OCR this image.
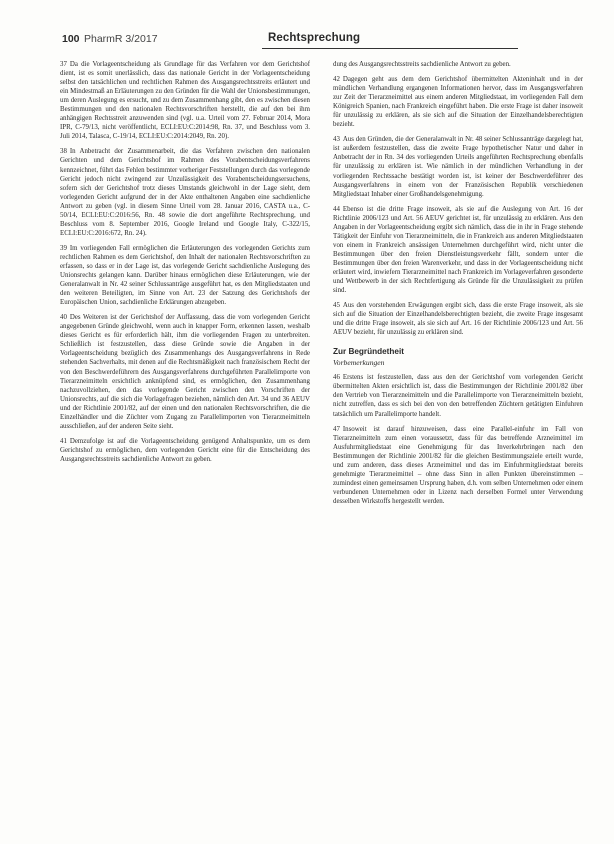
100 PharmR 3/2017	Rechtsprechung

37 Da die Vorlageentscheidung als Grundlage für das Verfahren vor dem Gerichtshof dient, ist es somit unerlässlich, dass das nationale Gericht in der Vorlageentscheidung selbst den tatsächlichen und rechtlichen Rahmen des Ausgangsrechtsstreits erläutert und ein Mindestmaß an Erläuterungen zu den Gründen für die Wahl der Unionsbestimmungen, um deren Auslegung es ersucht, und zu dem Zusammenhang gibt, den es zwischen diesen Bestimmungen und den nationalen Rechtsvorschriften herstellt, die auf den bei ihm anhängigen Rechtsstreit anzuwenden sind (vgl. u.a. Urteil vom 27. Februar 2014, Mora IPR, C-79/13, nicht veröffentlicht, ECLI:EU:C:2014:98, Rn. 37, und Beschluss vom 3. Juli 2014, Talasca, C-19/14, ECLI:EU:C:2014:2049, Rn. 20).

38 In Anbetracht der Zusammenarbeit, die das Verfahren zwischen den nationalen Gerichten und dem Gerichtshof im Rahmen des Vorabentscheidungsverfahrens kennzeichnet, führt das Fehlen bestimmter vorheriger Feststellungen durch das vorlegende Gericht jedoch nicht zwingend zur Unzulässigkeit des Vorabentscheidungsersuchens, sofern sich der Gerichtshof trotz dieses Umstands gleichwohl in der Lage sieht, dem vorlegenden Gericht aufgrund der in der Akte enthaltenen Angaben eine sachdienliche Antwort zu geben (vgl. in diesem Sinne Urteil vom 28. Januar 2016, CASTA u.a., C-50/14, ECLI:EU:C:2016:56, Rn. 48 sowie die dort angeführte Rechtsprechung, und Beschluss vom 8. September 2016, Google Ireland und Google Italy, C-322/15, ECLI:EU:C:2016:672, Rn. 24).

39 Im vorliegenden Fall ermöglichen die Erläuterungen des vorlegenden Gerichts zum rechtlichen Rahmen es dem Gerichtshof, den Inhalt der nationalen Rechtsvorschriften zu erfassen, so dass er in der Lage ist, das vorlegende Gericht sachdienliche Auslegung des Unionsrechts gelangen kann. Darüber hinaus ermöglichen diese Erläuterungen, wie der Generalanwalt in Nr. 42 seiner Schlussanträge ausgeführt hat, es den Mitgliedstaaten und den weiteren Beteiligten, im Sinne von Art. 23 der Satzung des Gerichtshofs der Europäischen Union, sachdienliche Erklärungen abzugeben.

40 Des Weiteren ist der Gerichtshof der Auffassung, dass die vom vorlegenden Gericht angegebenen Gründe gleichwohl, wenn auch in knapper Form, erkennen lassen, weshalb dieses Gericht es für erforderlich hält, ihm die vorliegenden Fragen zu unterbreiten. Schließlich ist festzustellen, dass diese Gründe sowie die Angaben in der Vorlageentscheidung bezüglich des Zusammenhangs des Ausgangsverfahrens in Rede stehenden Sachverhalts, mit denen auf die Rechtsmäßigkeit nach französischem Recht der von den Beschwerdeführern des Ausgangsverfahrens durchgeführten Parallelimporte von Tierarzneimitteln ersichtlich anknüpfend sind, es ermöglichen, den Zusammenhang nachzuvollziehen, den das vorlegende Gericht zwischen den Vorschriften der Unionsrechts, auf die sich die Vorlagefragen beziehen, nämlich den Art. 34 und 36 AEUV und der Richtlinie 2001/82, auf der einen und den nationalen Rechtsvorschriften, die die Einzelhändler und die Züchter vom Zugang zu Parallelimporten von Tierarzneimitteln ausschließen, auf der anderen Seite sieht.

41 Demzufolge ist auf die Vorlageentscheidung genügend Anhaltspunkte, um es dem Gerichtshof zu ermöglichen, dem vorlegenden Gericht eine für die Entscheidung des Ausgangsrechtsstreits sachdienliche Antwort zu geben.

dung des Ausgangsrechtsstreits sachdienliche Antwort zu geben.

42 Dagegen geht aus dem dem Gerichtshof übermittelten Akteninhalt und in der mündlichen Verhandlung ergangenen Informationen hervor, dass im Ausgangsverfahren zur Zeit der Tierarzneimittel aus einem anderen Mitgliedstaat, im vorliegenden Fall dem Königreich Spanien, nach Frankreich eingeführt haben. Die erste Frage ist daher insoweit für unzulässig zu erklären, als sie sich auf die Situation der Einzelhandelsberechtigten bezieht.

43 Aus den Gründen, die der Generalanwalt in Nr. 48 seiner Schlussanträge dargelegt hat, ist außerdem festzustellen, dass die zweite Frage hypothetischer Natur und daher in Anbetracht der in Rn. 34 des vorliegenden Urteils angeführten Rechtsprechung ebenfalls für unzulässig zu erklären ist. Wie nämlich in der mündlichen Verhandlung in der vorliegenden Rechtssache bestätigt worden ist, ist keiner der Beschwerdeführer des Ausgangsverfahrens in einem von der Französischen Republik verschiedenen Mitgliedstaat Inhaber einer Großhandelsgenehmigung.

44 Ebenso ist die dritte Frage insoweit, als sie auf die Auslegung von Art. 16 der Richtlinie 2006/123 und Art. 56 AEUV gerichtet ist, für unzulässig zu erklären. Aus den Angaben in der Vorlageentscheidung ergibt sich nämlich, dass die in ihr in Frage stehende Tätigkeit der Einfuhr von Tierarzneimitteln, die in Frankreich aus anderen Mitgliedstaaten von einem in Frankreich ansässigen Unternehmen durchgeführt wird, nicht unter die Bestimmungen über den freien Dienstleistungsverkehr fällt, sondern unter die Bestimmungen über den freien Warenverkehr, und dass in der Vorlageentscheidung nicht erläutert wird, inwiefern Tierarzneimittel nach Frankreich im Vorlageverfahren gesonderte und Wettbewerb in der sich Rechtfertigung als Gründe für die Unzulässigkeit zu prüfen sind.

45 Aus den vorstehenden Erwägungen ergibt sich, dass die erste Frage insoweit, als sie sich auf die Situation der Einzelhandelsberechtigten bezieht, die zweite Frage insgesamt und die dritte Frage insoweit, als sie sich auf Art. 16 der Richtlinie 2006/123 und Art. 56 AEUV bezieht, für unzulässig zu erklären sind.

Zur Begründetheit
Vorbemerkungen

46 Erstens ist festzustellen, dass aus den der Gerichtshof vom vorlegenden Gericht übermittelten Akten ersichtlich ist, dass die Bestimmungen der Richtlinie 2001/82 über den Vertrieb von Tierarzneimitteln und die Parallelimporte von Tierarzneimitteln bezieht, nicht zutreffen, dass es sich bei den von den betreffenden Züchtern getätigten Einfuhren tatsächlich um Parallelimporte handelt.

47 Insoweit ist darauf hinzuweisen, dass eine Parallel-einfuhr im Fall von Tierarzneimitteln zum einen voraussetzt, dass für das betreffende Arzneimittel im Ausfuhrmitgliedstaat eine Genehmigung für das Inverkehrbringen nach den Bestimmungen der Richtlinie 2001/82 für die gleichen Bestimmungsziele erteilt wurde, und zum anderen, dass dieses Arzneimittel und das im Einfuhrmitgliedstaat bereits genehmigte Tierarzneimittel – ohne dass Sinn in allen Punkten übereinstimmen – zumindest einen gemeinsamen Ursprung haben, d.h. vom selben Unternehmen oder einem verbundenen Unternehmen oder in Lizenz nach derselben Formel unter Verwendung desselben Wirkstoffs hergestellt werden.
